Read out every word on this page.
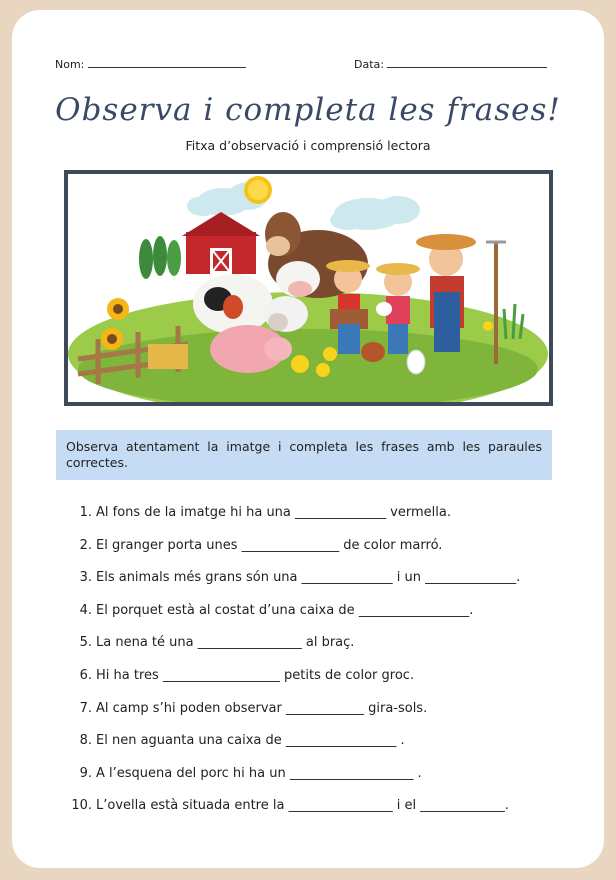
Nom:	Data:
Observa i completa les frases!
Fitxa d’observació i comprensió lectora
Observa atentament la imatge i completa les frases amb les paraules correctes.
1. Al fons de la imatge hi ha una ______________ vermella.
2. El granger porta unes _______________ de color marró.
3. Els animals més grans són una ______________ i un ______________.
4. El porquet està al costat d’una caixa de _________________.
5. La nena té una ________________ al braç.
6. Hi ha tres __________________ petits de color groc.
7. Al camp s’hi poden observar ____________ gira-sols.
8. El nen aguanta una caixa de _________________ .
9. A l’esquena del porc hi ha un ___________________ .
10. L’ovella està situada entre la ________________ i el _____________.
